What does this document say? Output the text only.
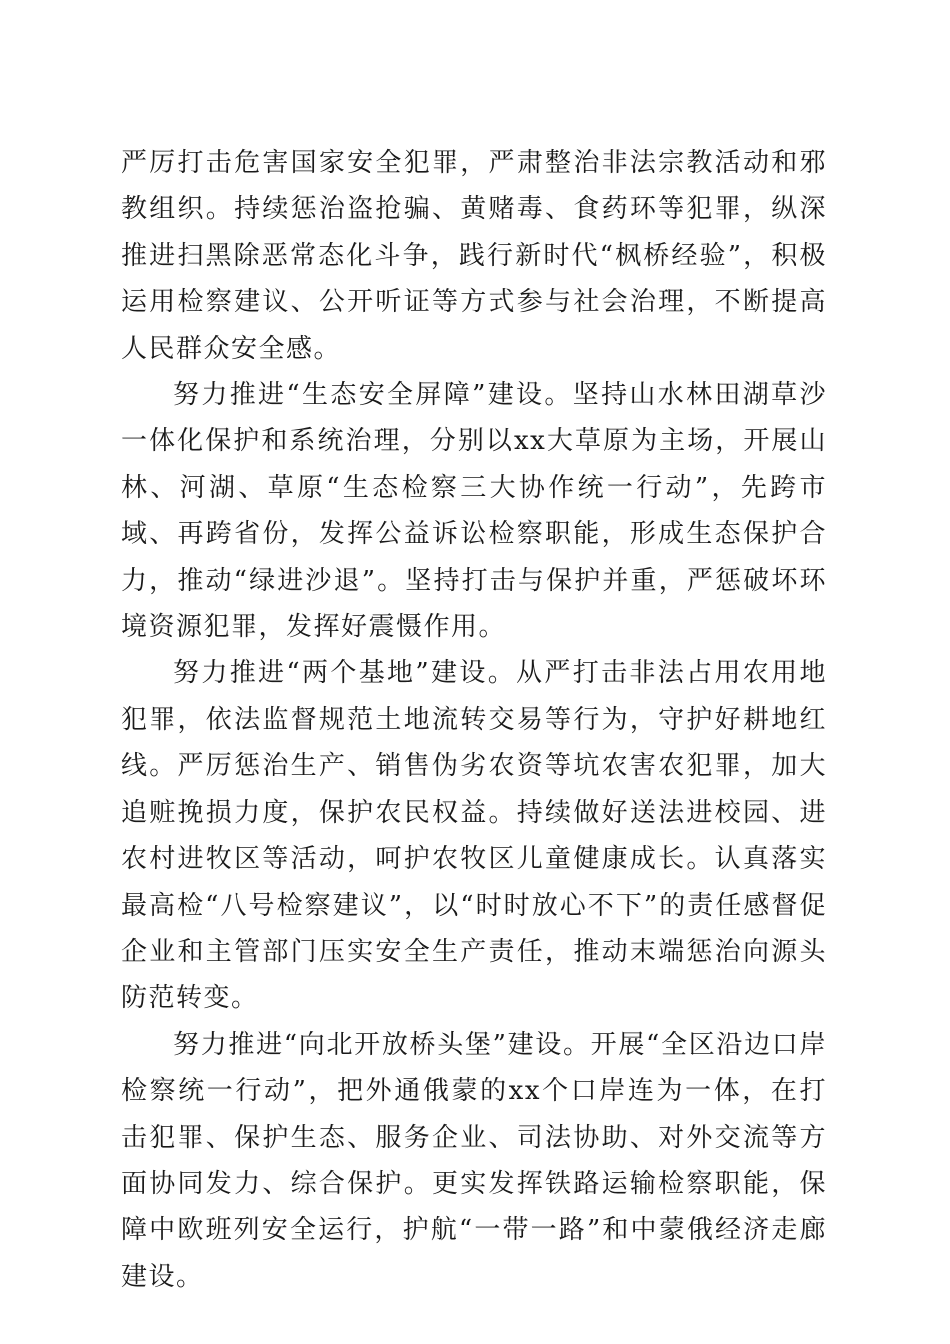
严厉打击危害国家安全犯罪，严肃整治非法宗教活动和邪教组织。持续惩治盗抢骗、黄赌毒、食药环等犯罪，纵深推进扫黑除恶常态化斗争，践行新时代“枫桥经验”，积极运用检察建议、公开听证等方式参与社会治理，不断提高人民群众安全感。

努力推进“生态安全屏障”建设。坚持山水林田湖草沙一体化保护和系统治理，分别以xx大草原为主场，开展山林、河湖、草原“生态检察三大协作统一行动”，先跨市域、再跨省份，发挥公益诉讼检察职能，形成生态保护合力，推动“绿进沙退”。坚持打击与保护并重，严惩破坏环境资源犯罪，发挥好震慑作用。

努力推进“两个基地”建设。从严打击非法占用农用地犯罪，依法监督规范土地流转交易等行为，守护好耕地红线。严厉惩治生产、销售伪劣农资等坑农害农犯罪，加大追赃挽损力度，保护农民权益。持续做好送法进校园、进农村进牧区等活动，呵护农牧区儿童健康成长。认真落实最高检“八号检察建议”，以“时时放心不下”的责任感督促企业和主管部门压实安全生产责任，推动末端惩治向源头防范转变。

努力推进“向北开放桥头堡”建设。开展“全区沿边口岸检察统一行动”，把外通俄蒙的xx个口岸连为一体，在打击犯罪、保护生态、服务企业、司法协助、对外交流等方面协同发力、综合保护。更实发挥铁路运输检察职能，保障中欧班列安全运行，护航“一带一路”和中蒙俄经济走廊建设。
